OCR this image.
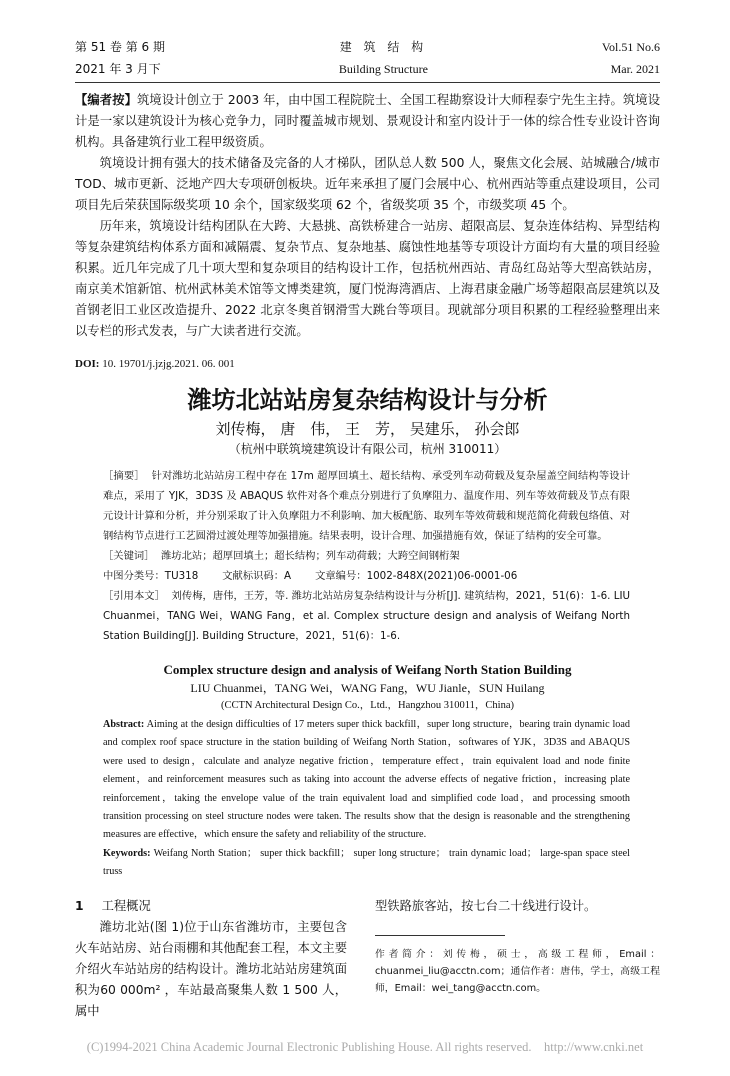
第 51 卷 第 6 期
2021 年 3 月下
建 筑 结 构
Building Structure
Vol.51 No.6
Mar. 2021

【编者按】筑境设计创立于 2003 年，由中国工程院院士、全国工程勘察设计大师程泰宁先生主持。筑境设计是一家以建筑设计为核心竞争力，同时覆盖城市规划、景观设计和室内设计于一体的综合性专业设计咨询机构。具备建筑行业工程甲级资质。

筑境设计拥有强大的技术储备及完备的人才梯队，团队总人数 500 人，聚焦文化会展、站城融合/城市TOD、城市更新、泛地产四大专项研创板块。近年来承担了厦门会展中心、杭州西站等重点建设项目，公司项目先后荣获国际级奖项 10 余个，国家级奖项 62 个，省级奖项 35 个，市级奖项 45 个。

历年来，筑境设计结构团队在大跨、大悬挑、高铁桥建合一站房、超限高层、复杂连体结构、异型结构等复杂建筑结构体系方面和减隔震、复杂节点、复杂地基、腐蚀性地基等专项设计方面均有大量的项目经验积累。近几年完成了几十项大型和复杂项目的结构设计工作，包括杭州西站、青岛红岛站等大型高铁站房，南京美术馆新馆、杭州武林美术馆等文博类建筑，厦门悦海湾酒店、上海君康金融广场等超限高层建筑以及首钢老旧工业区改造提升、2022 北京冬奥首钢滑雪大跳台等项目。现就部分项目积累的工程经验整理出来以专栏的形式发表，与广大读者进行交流。

DOI: 10. 19701/j.jzjg.2021. 06. 001
潍坊北站站房复杂结构设计与分析
刘传梅， 唐　伟， 王　芳， 吴建乐， 孙会郎
（杭州中联筑境建筑设计有限公司，杭州 310011）

［摘要］ 针对潍坊北站站房工程中存在 17m 超厚回填土、超长结构、承受列车动荷载及复杂屋盖空间结构等设计难点，采用了 YJK，3D3S 及 ABAQUS 软件对各个难点分别进行了负摩阻力、温度作用、列车等效荷载及节点有限元设计计算和分析，并分别采取了计入负摩阻力不利影响、加大板配筋、取列车等效荷载和规范简化荷载包络值、对钢结构节点进行工艺圆滑过渡处理等加强措施。结果表明，设计合理、加强措施有效，保证了结构的安全可靠。

［关键词］ 潍坊北站；超厚回填土；超长结构；列车动荷载；大跨空间钢桁架

中图分类号：TU318 文献标识码：A 文章编号：1002-848X(2021)06-0001-06

［引用本文］ 刘传梅，唐伟，王芳，等. 潍坊北站站房复杂结构设计与分析[J]. 建筑结构，2021，51(6)：1-6. LIU Chuanmei，TANG Wei，WANG Fang，et al. Complex structure design and analysis of Weifang North Station Building[J]. Building Structure，2021，51(6)：1-6.

Complex structure design and analysis of Weifang North Station Building
LIU Chuanmei，TANG Wei，WANG Fang，WU Jianle，SUN Huilang
(CCTN Architectural Design Co.，Ltd.，Hangzhou 310011，China)

Abstract: Aiming at the design difficulties of 17 meters super thick backfill，super long structure，bearing train dynamic load and complex roof space structure in the station building of Weifang North Station，softwares of YJK，3D3S and ABAQUS were used to design，calculate and analyze negative friction，temperature effect，train equivalent load and node finite element，and reinforcement measures such as taking into account the adverse effects of negative friction，increasing plate reinforcement，taking the envelope value of the train equivalent load and simplified code load，and processing smooth transition processing on steel structure nodes were taken. The results show that the design is reasonable and the strengthening measures are effective，which ensure the safety and reliability of the structure.

Keywords: Weifang North Station； super thick backfill； super long structure； train dynamic load； large-span space steel truss

1 工程概况

潍坊北站(图 1)位于山东省潍坊市，主要包含火车站站房、站台雨棚和其他配套工程，本文主要介绍火车站站房的结构设计。潍坊北站站房建筑面积为60 000m² ，车站最高聚集人数 1 500 人，属中

型铁路旅客站，按七台二十线进行设计。

作者简介：刘传梅，硕士，高级工程师，Email：chuanmei_liu@acctn.com；通信作者：唐伟，学士，高级工程师，Email：wei_tang@acctn.com。

(C)1994-2021 China Academic Journal Electronic Publishing House. All rights reserved.    http://www.cnki.net
